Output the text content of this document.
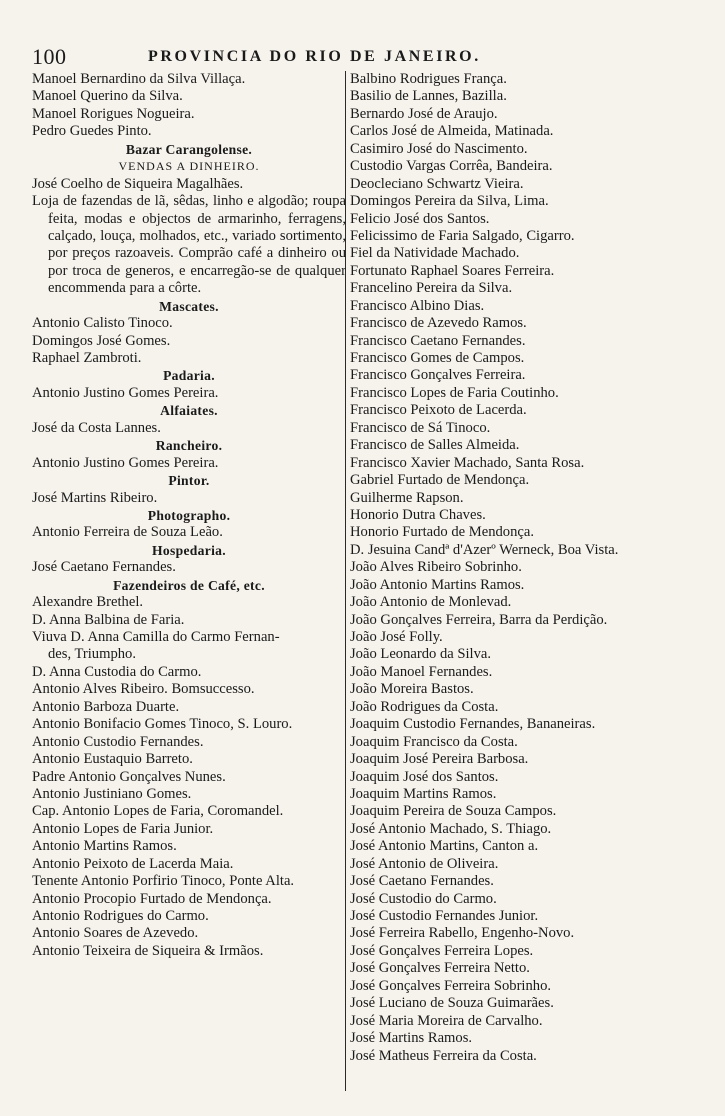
100	PROVINCIA DO RIO DE JANEIRO.
Manoel Bernardino da Silva Villaça.
Manoel Querino da Silva.
Manoel Rorigues Nogueira.
Pedro Guedes Pinto.
Bazar Carangolense.
VENDAS A DINHEIRO.
José Coelho de Siqueira Magalhães.
Loja de fazendas de lã, sêdas, linho e algodão; roupa feita, modas e objectos de armarinho, ferragens, calçado, louça, molhados, etc., variado sortimento, por preços razoaveis. Comprão café a dinheiro ou por troca de generos, e encarregão-se de qualquer encommenda para a côrte.
Mascates.
Antonio Calisto Tinoco.
Domingos José Gomes.
Raphael Zambroti.
Padaria.
Antonio Justino Gomes Pereira.
Alfaiates.
José da Costa Lannes.
Rancheiro.
Antonio Justino Gomes Pereira.
Pintor.
José Martins Ribeiro.
Photographo.
Antonio Ferreira de Souza Leão.
Hospedaria.
José Caetano Fernandes.
Fazendeiros de Café, etc.
Alexandre Brethel.
D. Anna Balbina de Faria.
Viuva D. Anna Camilla do Carmo Fernan-
des, Triumpho.
D. Anna Custodia do Carmo.
Antonio Alves Ribeiro. Bomsuccesso.
Antonio Barboza Duarte.
Antonio Bonifacio Gomes Tinoco, S. Louro.
Antonio Custodio Fernandes.
Antonio Eustaquio Barreto.
Padre Antonio Gonçalves Nunes.
Antonio Justiniano Gomes.
Cap. Antonio Lopes de Faria, Coromandel.
Antonio Lopes de Faria Junior.
Antonio Martins Ramos.
Antonio Peixoto de Lacerda Maia.
Tenente Antonio Porfirio Tinoco, Ponte Alta.
Antonio Procopio Furtado de Mendonça.
Antonio Rodrigues do Carmo.
Antonio Soares de Azevedo.
Antonio Teixeira de Siqueira & Irmãos.
Balbino Rodrigues França.
Basilio de Lannes, Bazilla.
Bernardo José de Araujo.
Carlos José de Almeida, Matinada.
Casimiro José do Nascimento.
Custodio Vargas Corrêa, Bandeira.
Deocleciano Schwartz Vieira.
Domingos Pereira da Silva, Lima.
Felicio José dos Santos.
Felicissimo de Faria Salgado, Cigarro.
Fiel da Natividade Machado.
Fortunato Raphael Soares Ferreira.
Francelino Pereira da Silva.
Francisco Albino Dias.
Francisco de Azevedo Ramos.
Francisco Caetano Fernandes.
Francisco Gomes de Campos.
Francisco Gonçalves Ferreira.
Francisco Lopes de Faria Coutinho.
Francisco Peixoto de Lacerda.
Francisco de Sá Tinoco.
Francisco de Salles Almeida.
Francisco Xavier Machado, Santa Rosa.
Gabriel Furtado de Mendonça.
Guilherme Rapson.
Honorio Dutra Chaves.
Honorio Furtado de Mendonça.
D. Jesuina Candª d'Azerº Werneck, Boa Vista.
João Alves Ribeiro Sobrinho.
João Antonio Martins Ramos.
João Antonio de Monlevad.
João Gonçalves Ferreira, Barra da Perdição.
João José Folly.
João Leonardo da Silva.
João Manoel Fernandes.
João Moreira Bastos.
João Rodrigues da Costa.
Joaquim Custodio Fernandes, Bananeiras.
Joaquim Francisco da Costa.
Joaquim José Pereira Barbosa.
Joaquim José dos Santos.
Joaquim Martins Ramos.
Joaquim Pereira de Souza Campos.
José Antonio Machado, S. Thiago.
José Antonio Martins, Canton a.
José Antonio de Oliveira.
José Caetano Fernandes.
José Custodio do Carmo.
José Custodio Fernandes Junior.
José Ferreira Rabello, Engenho-Novo.
José Gonçalves Ferreira Lopes.
José Gonçalves Ferreira Netto.
José Gonçalves Ferreira Sobrinho.
José Luciano de Souza Guimarães.
José Maria Moreira de Carvalho.
José Martins Ramos.
José Matheus Ferreira da Costa.
